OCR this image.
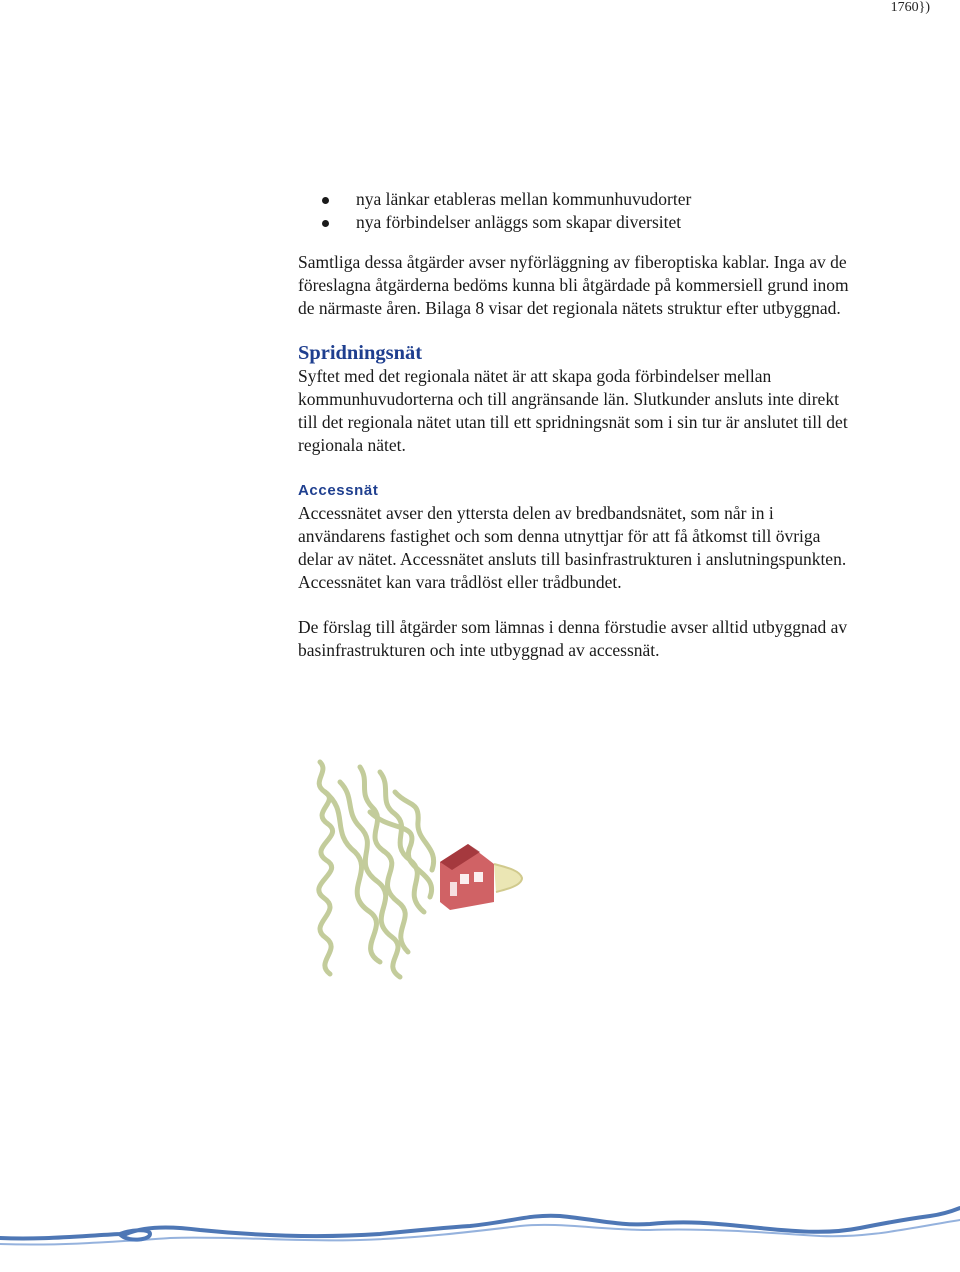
1760})
nya länkar etableras mellan kommunhuvudorter
nya förbindelser anläggs som skapar diversitet

Samtliga dessa åtgärder avser nyförläggning av fiberoptiska kablar. Inga av de föreslagna åtgärderna bedöms kunna bli åtgärdade på kommersiell grund inom de närmaste åren. Bilaga 8 visar det regionala nätets struktur efter utbyggnad.

Spridningsnät

Syftet med det regionala nätet är att skapa goda förbindelser mellan kommunhuvudorterna och till angränsande län. Slutkunder ansluts inte direkt till det regionala nätet utan till ett spridningsnät som i sin tur är anslutet till det regionala nätet.

Accessnät

Accessnätet avser den yttersta delen av bredbandsnätet, som når in i användarens fastighet och som denna utnyttjar för att få åtkomst till övriga delar av nätet. Accessnätet ansluts till basinfrastrukturen i anslutningspunkten. Accessnätet kan vara trådlöst eller trådbundet.

De förslag till åtgärder som lämnas i denna förstudie avser alltid utbyggnad av basinfrastrukturen och inte utbyggnad av accessnät.
